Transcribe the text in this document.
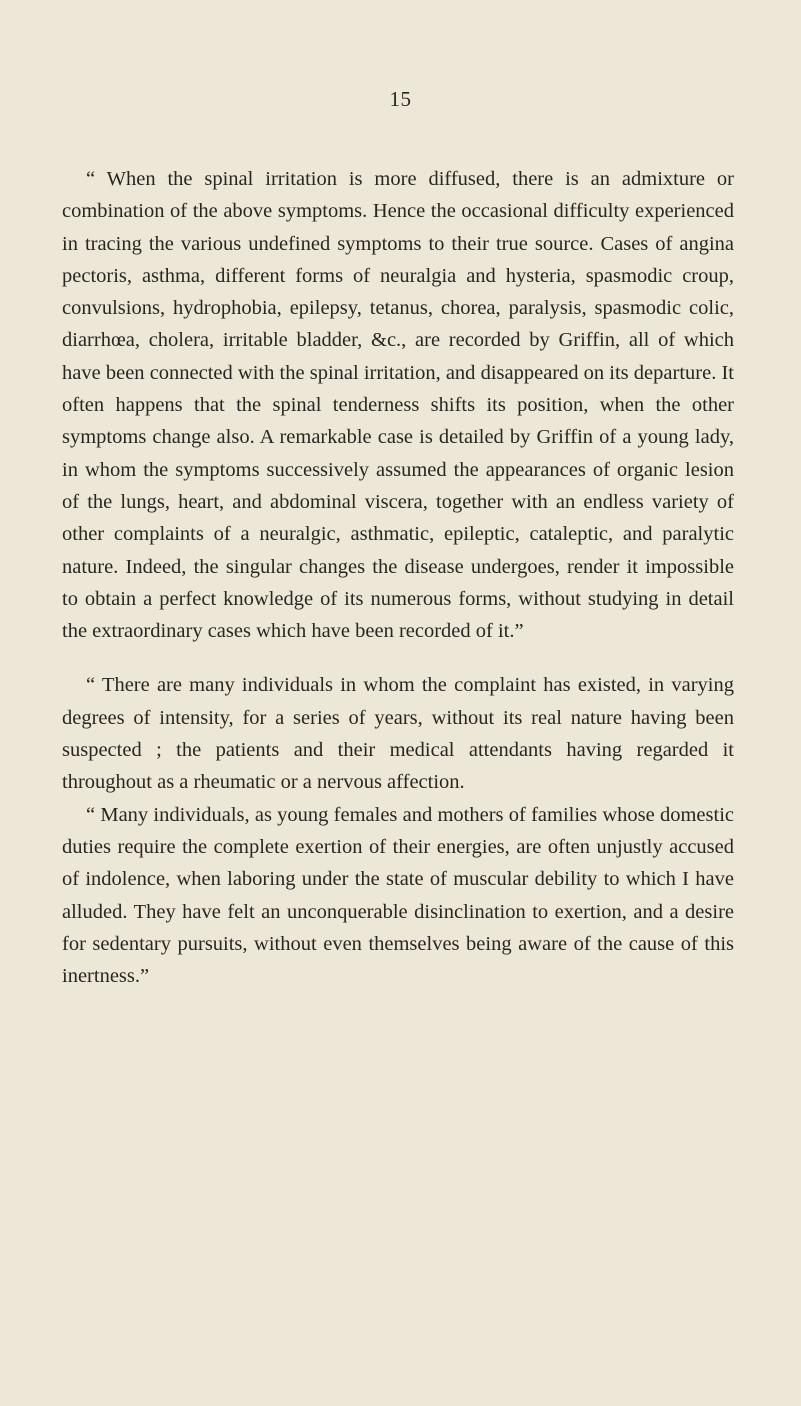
15

“ When the spinal irritation is more diffused, there is an admixture or combination of the above symptoms. Hence the occasional difficulty experienced in tracing the various undefined symptoms to their true source. Cases of angina pectoris, asthma, different forms of neuralgia and hysteria, spasmodic croup, convulsions, hydrophobia, epilepsy, tetanus, chorea, paralysis, spasmodic colic, diarrhœa, cholera, irritable bladder, &c., are recorded by Griffin, all of which have been connected with the spinal irritation, and disappeared on its departure. It often happens that the spinal tenderness shifts its position, when the other symptoms change also. A remarkable case is detailed by Griffin of a young lady, in whom the symptoms successively assumed the appearances of organic lesion of the lungs, heart, and abdominal viscera, together with an endless variety of other complaints of a neuralgic, asthmatic, epileptic, cataleptic, and paralytic nature. Indeed, the singular changes the disease undergoes, render it impossible to obtain a perfect knowledge of its numerous forms, without studying in detail the extraordinary cases which have been recorded of it.”

“ There are many individuals in whom the complaint has existed, in varying degrees of intensity, for a series of years, without its real nature having been suspected ; the patients and their medical attendants having regarded it throughout as a rheumatic or a nervous affection.

“ Many individuals, as young females and mothers of families whose domestic duties require the complete exertion of their energies, are often unjustly accused of indolence, when laboring under the state of muscular debility to which I have alluded. They have felt an unconquerable disinclination to exertion, and a desire for sedentary pursuits, without even themselves being aware of the cause of this inertness.”
